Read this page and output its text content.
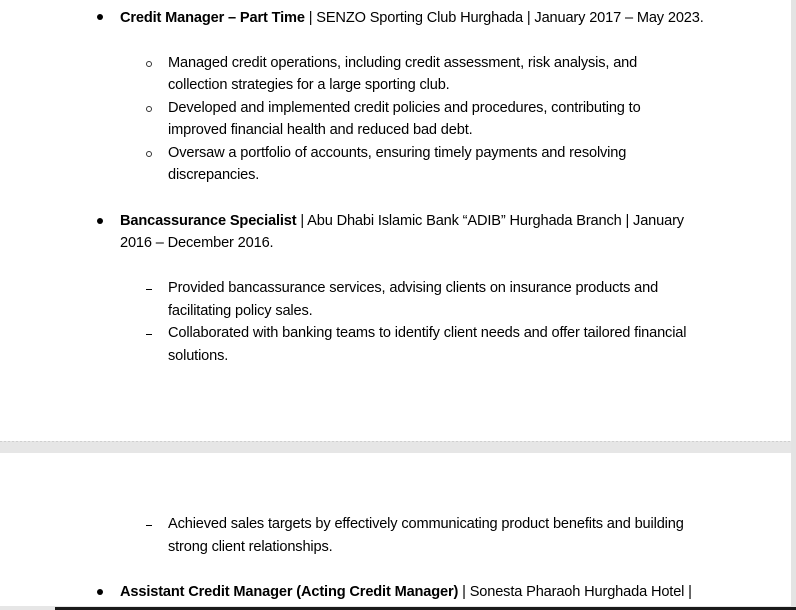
Credit Manager – Part Time | SENZO Sporting Club Hurghada | January 2017 – May 2023.
Managed credit operations, including credit assessment, risk analysis, and
collection strategies for a large sporting club.
Developed and implemented credit policies and procedures, contributing to
improved financial health and reduced bad debt.
Oversaw a portfolio of accounts, ensuring timely payments and resolving
discrepancies.
Bancassurance Specialist | Abu Dhabi Islamic Bank “ADIB” Hurghada Branch | January
2016 – December 2016.
Provided bancassurance services, advising clients on insurance products and
facilitating policy sales.
Collaborated with banking teams to identify client needs and offer tailored financial
solutions.
Achieved sales targets by effectively communicating product benefits and building
strong client relationships.
Assistant Credit Manager (Acting Credit Manager) | Sonesta Pharaoh Hurghada Hotel |
